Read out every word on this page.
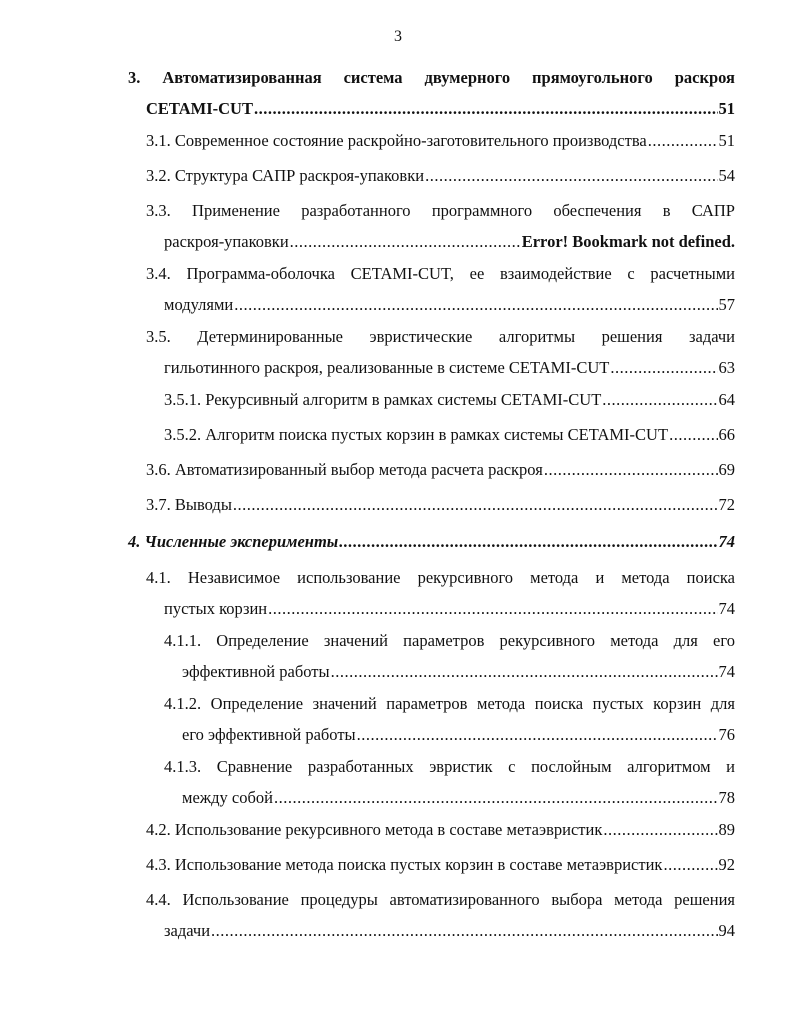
3
3. Автоматизированная система двумерного прямоугольного раскроя
CETAMI-CUT .....	51
3.1. Современное состояние раскройно-заготовительного производства .....	51
3.2. Структура САПР раскроя-упаковки .....	54
3.3. Применение разработанного программного обеспечения в САПР
раскроя-упаковки .....	Error! Bookmark not defined.
3.4. Программа-оболочка CETAMI-CUT, ее взаимодействие с расчетными
модулями .....	57
3.5. Детерминированные эвристические алгоритмы решения задачи
гильотинного раскроя, реализованные в системе CETAMI-CUT .....	63
3.5.1. Рекурсивный алгоритм в рамках системы CETAMI-CUT .....	64
3.5.2. Алгоритм поиска пустых корзин в рамках системы CETAMI-CUT .....	66
3.6. Автоматизированный выбор метода расчета раскроя .....	69
3.7. Выводы .....	72
4. Численные эксперименты .....	74
4.1. Независимое использование рекурсивного метода и метода поиска
пустых корзин .....	74
4.1.1. Определение значений параметров рекурсивного метода для его
эффективной работы .....	74
4.1.2. Определение значений параметров метода поиска пустых корзин для
его эффективной работы .....	76
4.1.3. Сравнение разработанных эвристик с послойным алгоритмом и
между собой .....	78
4.2. Использование рекурсивного метода в составе метаэвристик .....	89
4.3. Использование метода поиска пустых корзин в составе метаэвристик .....	92
4.4. Использование процедуры автоматизированного выбора метода решения
задачи .....	94
